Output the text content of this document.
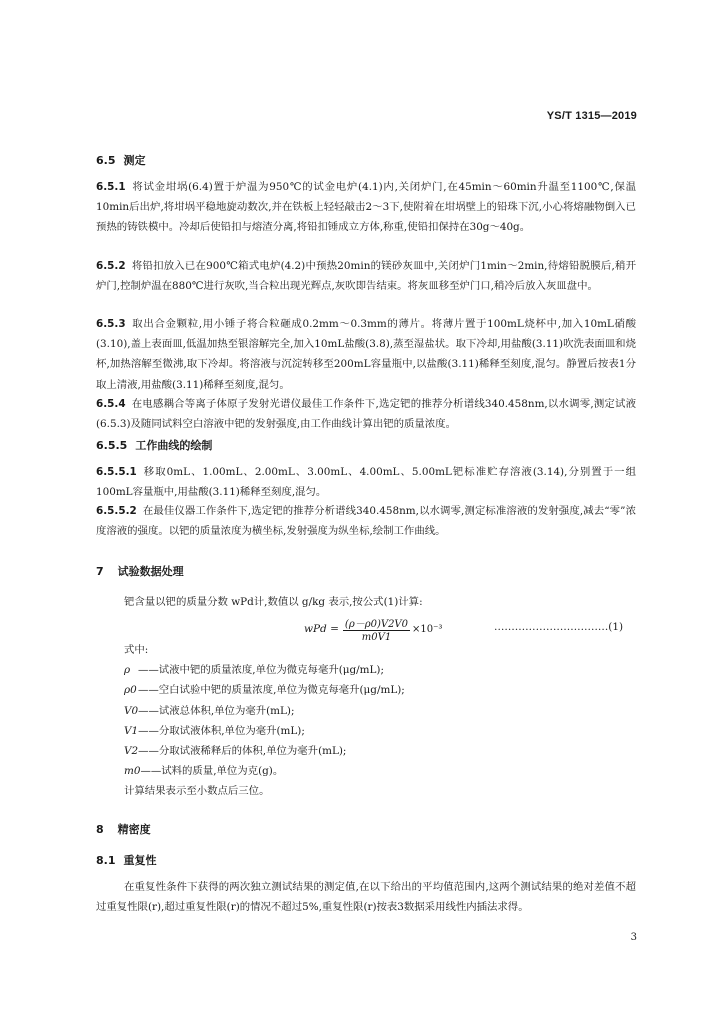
YS/T 1315—2019
6.5 测定
6.5.1 将试金坩埚(6.4)置于炉温为950℃的试金电炉(4.1)内,关闭炉门,在45min～60min升温至1100℃,保温10min后出炉,将坩埚平稳地旋动数次,并在铁板上轻轻敲击2～3下,使附着在坩埚壁上的铅珠下沉,小心将熔融物倒入已预热的铸铁模中。冷却后使铅扣与熔渣分离,将铅扣锤成立方体,称重,使铅扣保持在30g～40g。
6.5.2 将铅扣放入已在900℃箱式电炉(4.2)中预热20min的镁砂灰皿中,关闭炉门1min～2min,待熔铅脱膜后,稍开炉门,控制炉温在880℃进行灰吹,当合粒出现光辉点,灰吹即告结束。将灰皿移至炉门口,稍冷后放入灰皿盘中。
6.5.3 取出合金颗粒,用小锤子将合粒砸成0.2mm～0.3mm的薄片。将薄片置于100mL烧杯中,加入10mL硝酸(3.10),盖上表面皿,低温加热至银溶解完全,加入10mL盐酸(3.8),蒸至湿盐状。取下冷却,用盐酸(3.11)吹洗表面皿和烧杯,加热溶解至微沸,取下冷却。将溶液与沉淀转移至200mL容量瓶中,以盐酸(3.11)稀释至刻度,混匀。静置后按表1分取上清液,用盐酸(3.11)稀释至刻度,混匀。
6.5.4 在电感耦合等离子体原子发射光谱仪最佳工作条件下,选定钯的推荐分析谱线340.458nm,以水调零,测定试液(6.5.3)及随同试料空白溶液中钯的发射强度,由工作曲线计算出钯的质量浓度。
6.5.5 工作曲线的绘制
6.5.5.1 移取0mL、1.00mL、2.00mL、3.00mL、4.00mL、5.00mL钯标准贮存溶液(3.14),分别置于一组100mL容量瓶中,用盐酸(3.11)稀释至刻度,混匀。
6.5.5.2 在最佳仪器工作条件下,选定钯的推荐分析谱线340.458nm,以水调零,测定标准溶液的发射强度,减去“零”浓度溶液的强度。以钯的质量浓度为横坐标,发射强度为纵坐标,绘制工作曲线。
7 试验数据处理
钯含量以钯的质量分数 wPd计,数值以 g/kg 表示,按公式(1)计算:
wPd = $\frac{(\rho-\rho 0)V2V0}{m0V1} \times 10^{-3}$	……………………………(1)
式中:
ρ ——试液中钯的质量浓度,单位为微克每毫升(μg/mL);
ρ0——空白试验中钯的质量浓度,单位为微克每毫升(μg/mL);
V0——试液总体积,单位为毫升(mL);
V1——分取试液体积,单位为毫升(mL);
V2——分取试液稀释后的体积,单位为毫升(mL);
m0——试料的质量,单位为克(g)。
计算结果表示至小数点后三位。
8 精密度
8.1 重复性
在重复性条件下获得的两次独立测试结果的测定值,在以下给出的平均值范围内,这两个测试结果的绝对差值不超过重复性限(r),超过重复性限(r)的情况不超过5%,重复性限(r)按表3数据采用线性内插法求得。
3
